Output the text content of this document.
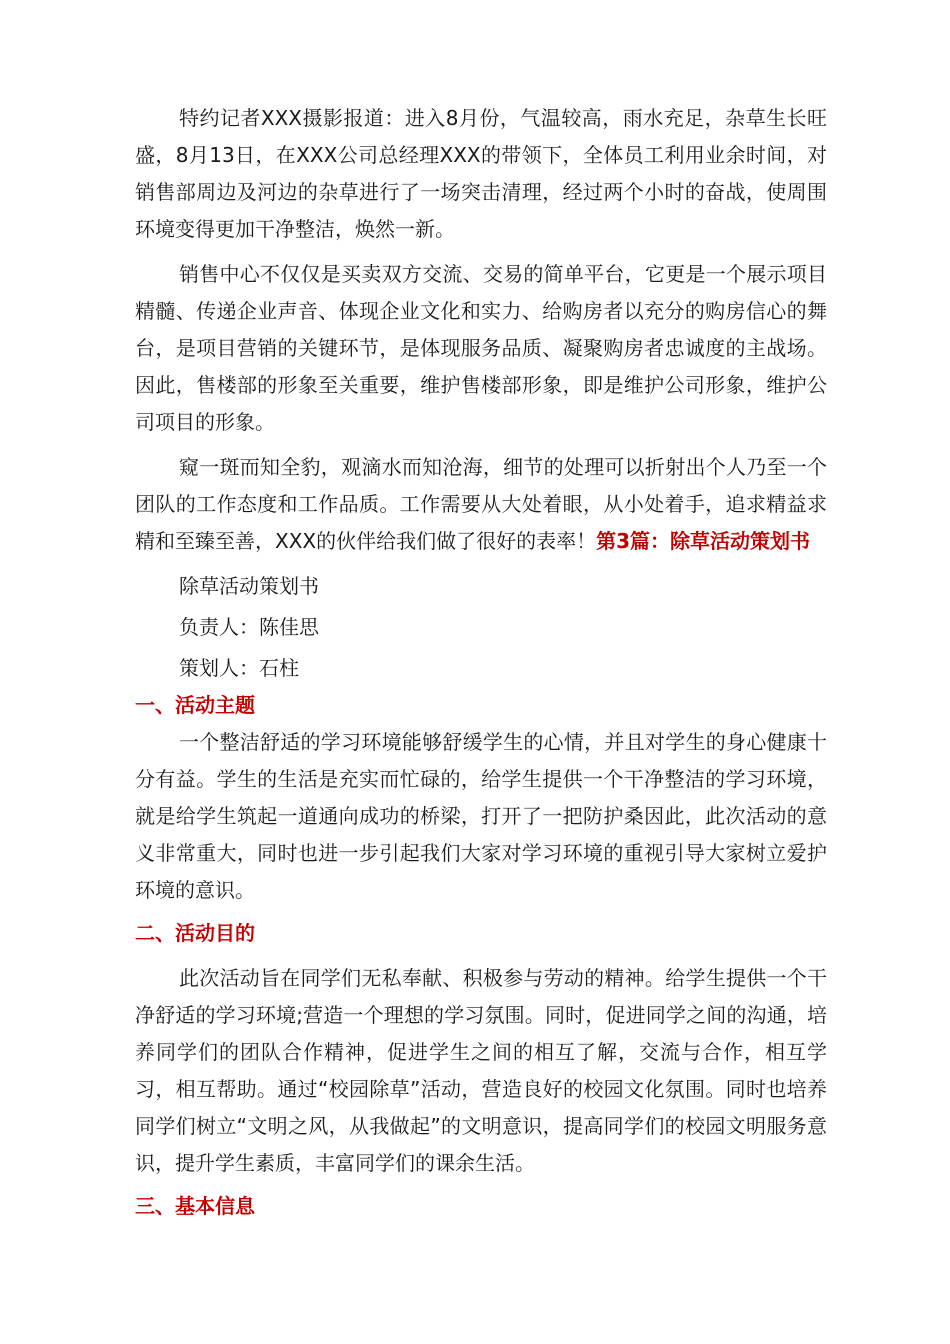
特约记者XXX摄影报道：进入8月份，气温较高，雨水充足，杂草生长旺盛，8月13日，在XXX公司总经理XXX的带领下，全体员工利用业余时间，对销售部周边及河边的杂草进行了一场突击清理，经过两个小时的奋战，使周围环境变得更加干净整洁，焕然一新。

销售中心不仅仅是买卖双方交流、交易的简单平台，它更是一个展示项目精髓、传递企业声音、体现企业文化和实力、给购房者以充分的购房信心的舞台，是项目营销的关键环节，是体现服务品质、凝聚购房者忠诚度的主战场。因此，售楼部的形象至关重要，维护售楼部形象，即是维护公司形象，维护公司项目的形象。

窥一斑而知全豹，观滴水而知沧海，细节的处理可以折射出个人乃至一个团队的工作态度和工作品质。工作需要从大处着眼，从小处着手，追求精益求精和至臻至善，XXX的伙伴给我们做了很好的表率！第3篇：除草活动策划书

除草活动策划书

负责人：陈佳思

策划人：石柱

一、活动主题

一个整洁舒适的学习环境能够舒缓学生的心情，并且对学生的身心健康十分有益。学生的生活是充实而忙碌的，给学生提供一个干净整洁的学习环境，就是给学生筑起一道通向成功的桥梁，打开了一把防护桑因此，此次活动的意义非常重大，同时也进一步引起我们大家对学习环境的重视引导大家树立爱护环境的意识。

二、活动目的

此次活动旨在同学们无私奉献、积极参与劳动的精神。给学生提供一个干净舒适的学习环境;营造一个理想的学习氛围。同时，促进同学之间的沟通，培养同学们的团队合作精神，促进学生之间的相互了解，交流与合作，相互学习，相互帮助。通过“校园除草”活动，营造良好的校园文化氛围。同时也培养同学们树立“文明之风，从我做起”的文明意识，提高同学们的校园文明服务意识，提升学生素质，丰富同学们的课余生活。

三、基本信息
